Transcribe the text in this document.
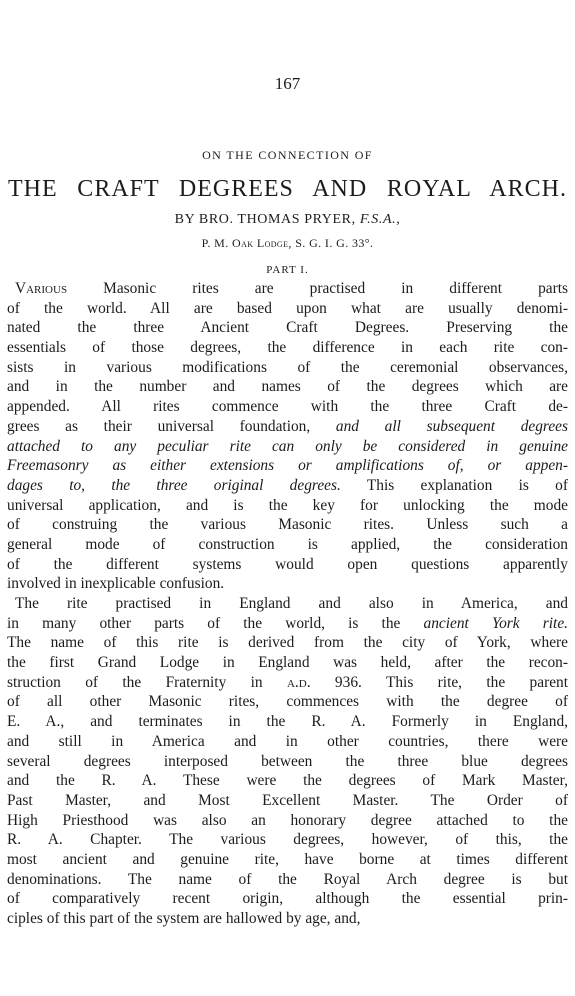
167
ON THE CONNECTION OF
THE CRAFT DEGREES AND ROYAL ARCH.
BY BRO. THOMAS PRYER, F.S.A.,
P. M. Oak Lodge, S. G. I. G. 33°.
PART I.
Various Masonic rites are practised in different parts
of the world. All are based upon what are usually denomi-
nated the three Ancient Craft Degrees. Preserving the
essentials of those degrees, the difference in each rite con-
sists in various modifications of the ceremonial observances,
and in the number and names of the degrees which are
appended. All rites commence with the three Craft de-
grees as their universal foundation, and all subsequent degrees
attached to any peculiar rite can only be considered in genuine
Freemasonry as either extensions or amplifications of, or appen-
dages to, the three original degrees. This explanation is of
universal application, and is the key for unlocking the mode
of construing the various Masonic rites. Unless such a
general mode of construction is applied, the consideration
of the different systems would open questions apparently
involved in inexplicable confusion.
The rite practised in England and also in America, and
in many other parts of the world, is the ancient York rite.
The name of this rite is derived from the city of York, where
the first Grand Lodge in England was held, after the recon-
struction of the Fraternity in a.d. 936. This rite, the parent
of all other Masonic rites, commences with the degree of
E. A., and terminates in the R. A. Formerly in England,
and still in America and in other countries, there were
several degrees interposed between the three blue degrees
and the R. A. These were the degrees of Mark Master,
Past Master, and Most Excellent Master. The Order of
High Priesthood was also an honorary degree attached to the
R. A. Chapter. The various degrees, however, of this, the
most ancient and genuine rite, have borne at times different
denominations. The name of the Royal Arch degree is but
of comparatively recent origin, although the essential prin-
ciples of this part of the system are hallowed by age, and,
